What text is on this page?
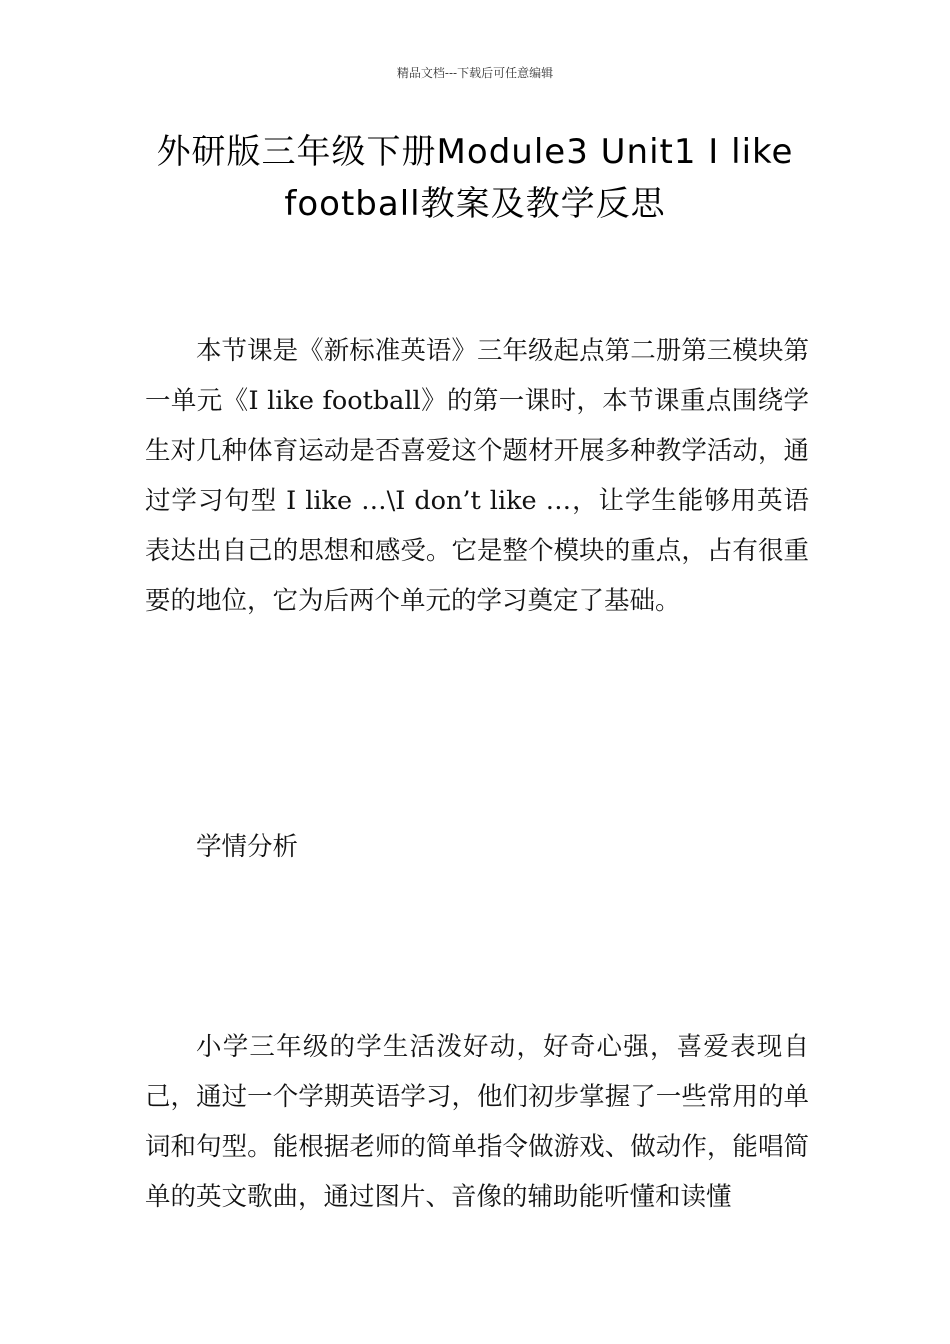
精品文档---下载后可任意编辑
外研版三年级下册Module3 Unit1 I like football教案及教学反思

本节课是《新标准英语》三年级起点第二册第三模块第一单元《I like football》的第一课时，本节课重点围绕学生对几种体育运动是否喜爱这个题材开展多种教学活动，通过学习句型 I like …\I don’t like …，让学生能够用英语表达出自己的思想和感受。它是整个模块的重点，占有很重要的地位，它为后两个单元的学习奠定了基础。

学情分析

小学三年级的学生活泼好动，好奇心强，喜爱表现自己，通过一个学期英语学习，他们初步掌握了一些常用的单词和句型。能根据老师的简单指令做游戏、做动作，能唱简单的英文歌曲，通过图片、音像的辅助能听懂和读懂
